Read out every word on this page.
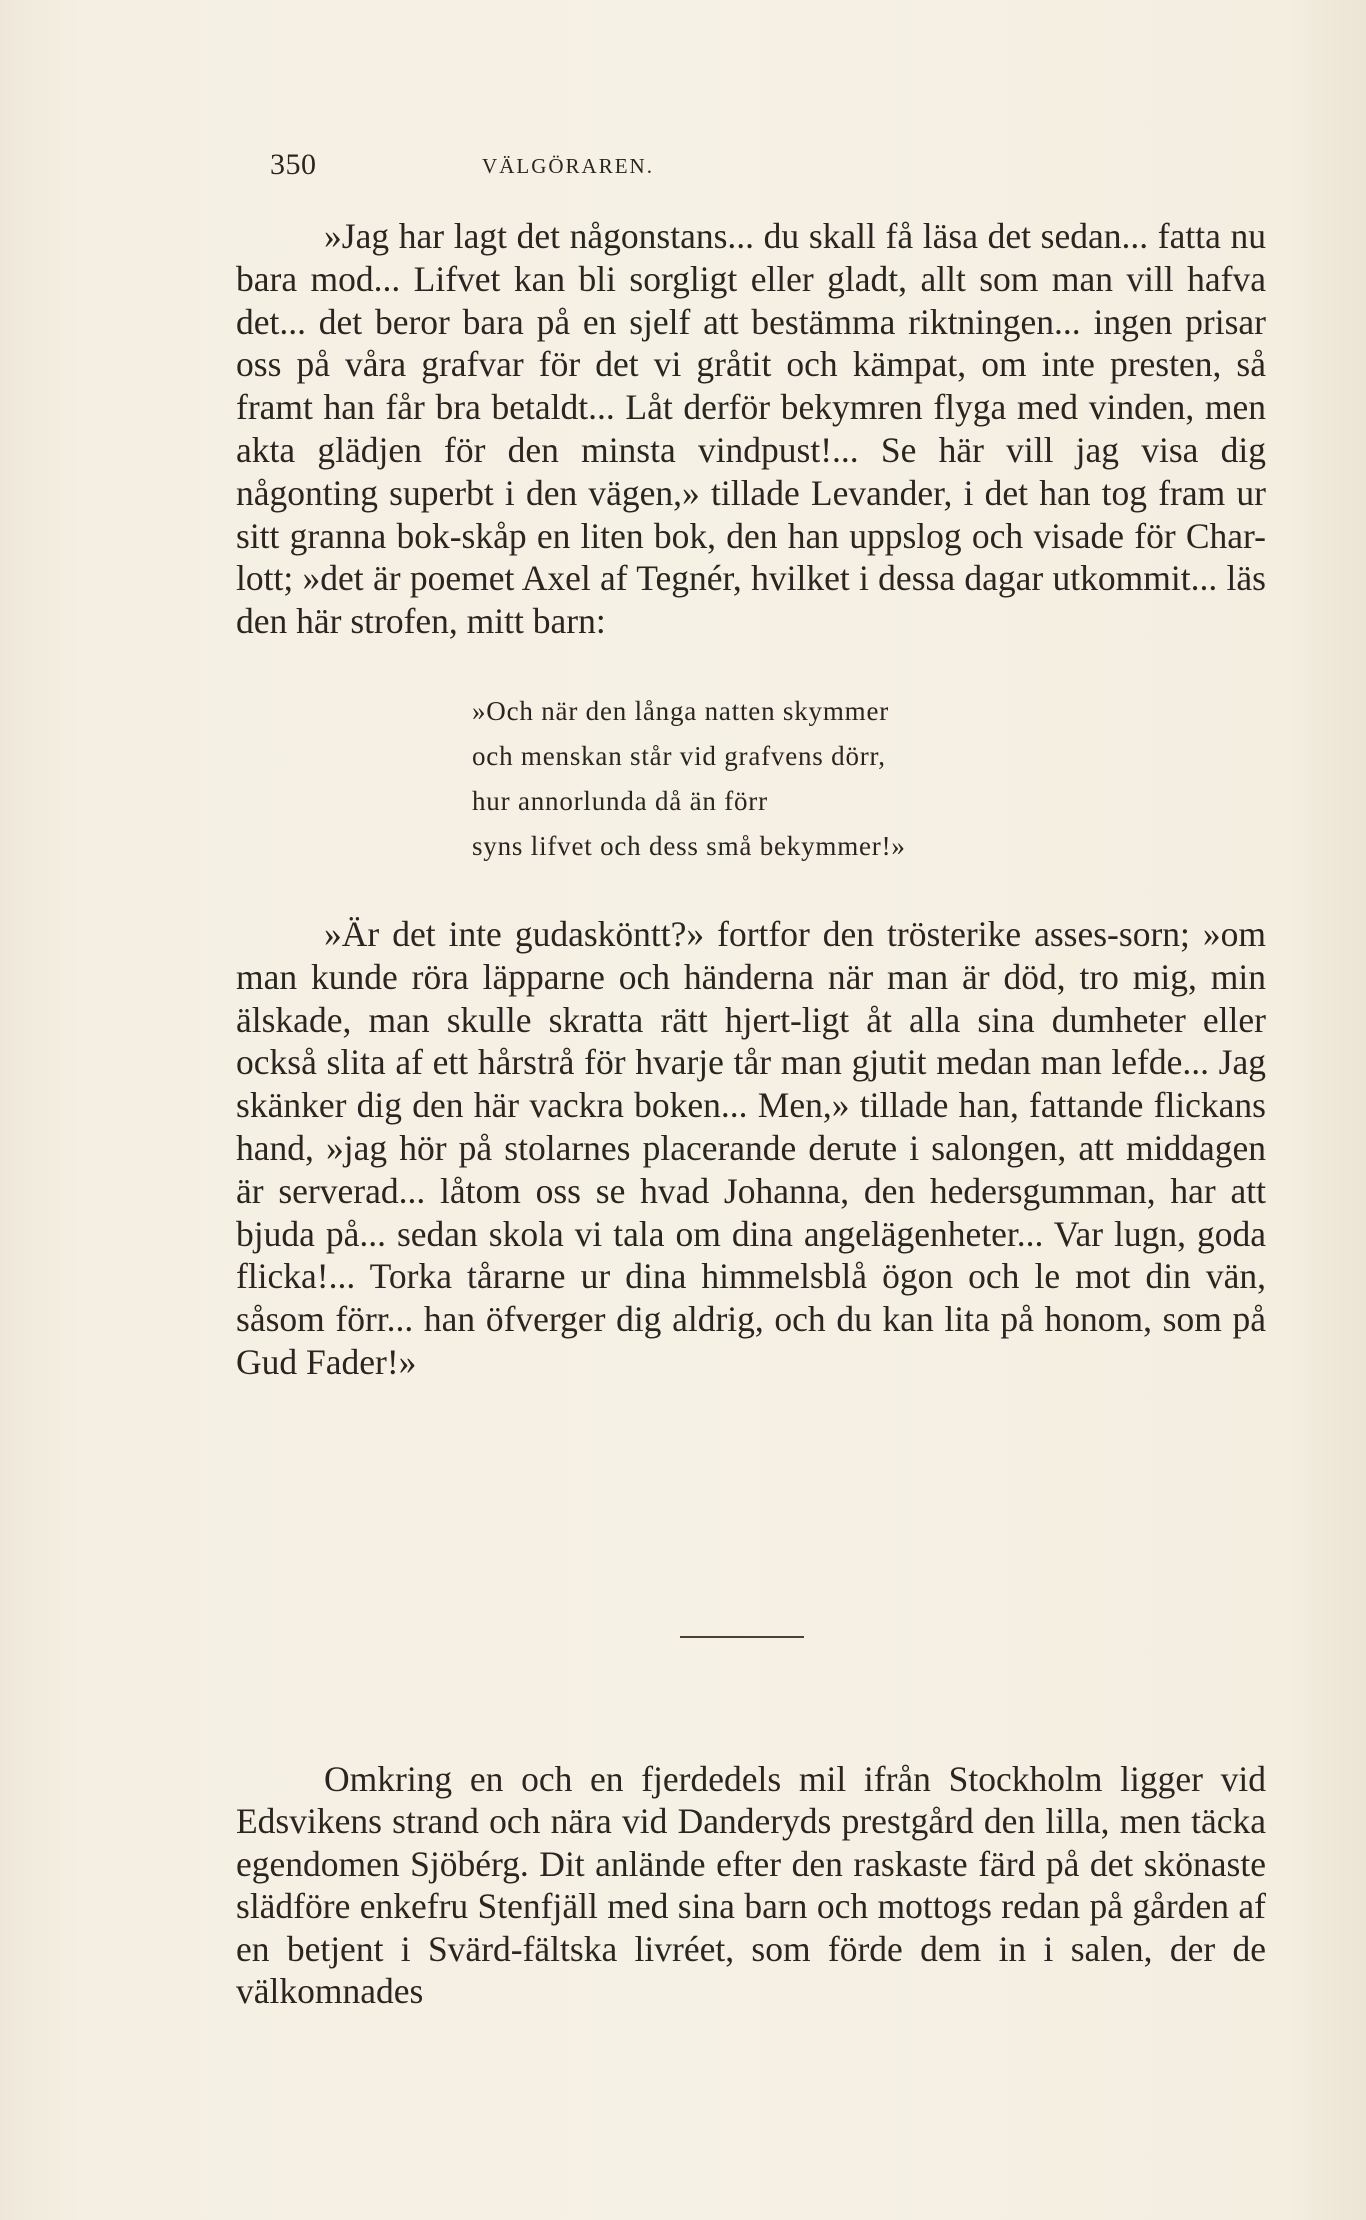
350	VÄLGÖRAREN.

»Jag har lagt det någonstans... du skall få läsa det sedan... fatta nu bara mod... Lifvet kan bli sorgligt eller gladt, allt som man vill hafva det... det beror bara på en sjelf att bestämma riktningen... ingen prisar oss på våra grafvar för det vi gråtit och kämpat, om inte presten, så framt han får bra betaldt... Låt derför bekymren flyga med vinden, men akta glädjen för den minsta vindpust!... Se här vill jag visa dig någonting superbt i den vägen,» tillade Levander, i det han tog fram ur sitt granna bok-skåp en liten bok, den han uppslog och visade för Char-lott; »det är poemet Axel af Tegnér, hvilket i dessa dagar utkommit... läs den här strofen, mitt barn:

»Och när den långa natten skymmer
och menskan står vid grafvens dörr,
hur annorlunda då än förr
syns lifvet och dess små bekymmer!»

»Är det inte gudasköntt?» fortfor den trösterike asses-sorn; »om man kunde röra läpparne och händerna när man är död, tro mig, min älskade, man skulle skratta rätt hjert-ligt åt alla sina dumheter eller också slita af ett hårstrå för hvarje tår man gjutit medan man lefde... Jag skänker dig den här vackra boken... Men,» tillade han, fattande flickans hand, »jag hör på stolarnes placerande derute i salongen, att middagen är serverad... låtom oss se hvad Johanna, den hedersgumman, har att bjuda på... sedan skola vi tala om dina angelägenheter... Var lugn, goda flicka!... Torka tårarne ur dina himmelsblå ögon och le mot din vän, såsom förr... han öfverger dig aldrig, och du kan lita på honom, som på Gud Fader!»

Omkring en och en fjerdedels mil ifrån Stockholm ligger vid Edsvikens strand och nära vid Danderyds prestgård den lilla, men täcka egendomen Sjöbérg. Dit anlände efter den raskaste färd på det skönaste slädföre enkefru Stenfjäll med sina barn och mottogs redan på gården af en betjent i Svärd-fältska livréet, som förde dem in i salen, der de välkomnades
